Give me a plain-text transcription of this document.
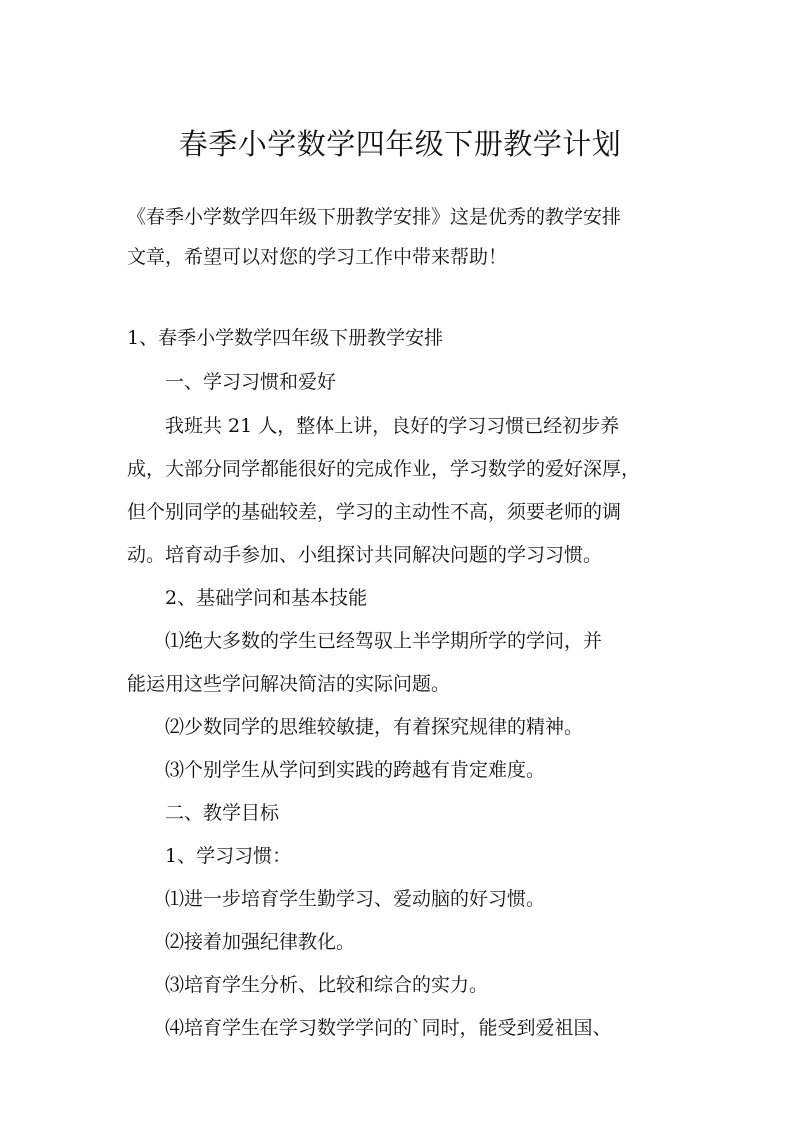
春季小学数学四年级下册教学计划
《春季小学数学四年级下册教学安排》这是优秀的教学安排
文章，希望可以对您的学习工作中带来帮助！
1、春季小学数学四年级下册教学安排
一、学习习惯和爱好
我班共 21 人，整体上讲，良好的学习习惯已经初步养
成，大部分同学都能很好的完成作业，学习数学的爱好深厚，
但个别同学的基础较差，学习的主动性不高，须要老师的调
动。培育动手参加、小组探讨共同解决问题的学习习惯。
2、基础学问和基本技能
⑴绝大多数的学生已经驾驭上半学期所学的学问，并
能运用这些学问解决简洁的实际问题。
⑵少数同学的思维较敏捷，有着探究规律的精神。
⑶个别学生从学问到实践的跨越有肯定难度。
二、教学目标
1、学习习惯：
⑴进一步培育学生勤学习、爱动脑的好习惯。
⑵接着加强纪律教化。
⑶培育学生分析、比较和综合的实力。
⑷培育学生在学习数学学问的`同时，能受到爱祖国、
